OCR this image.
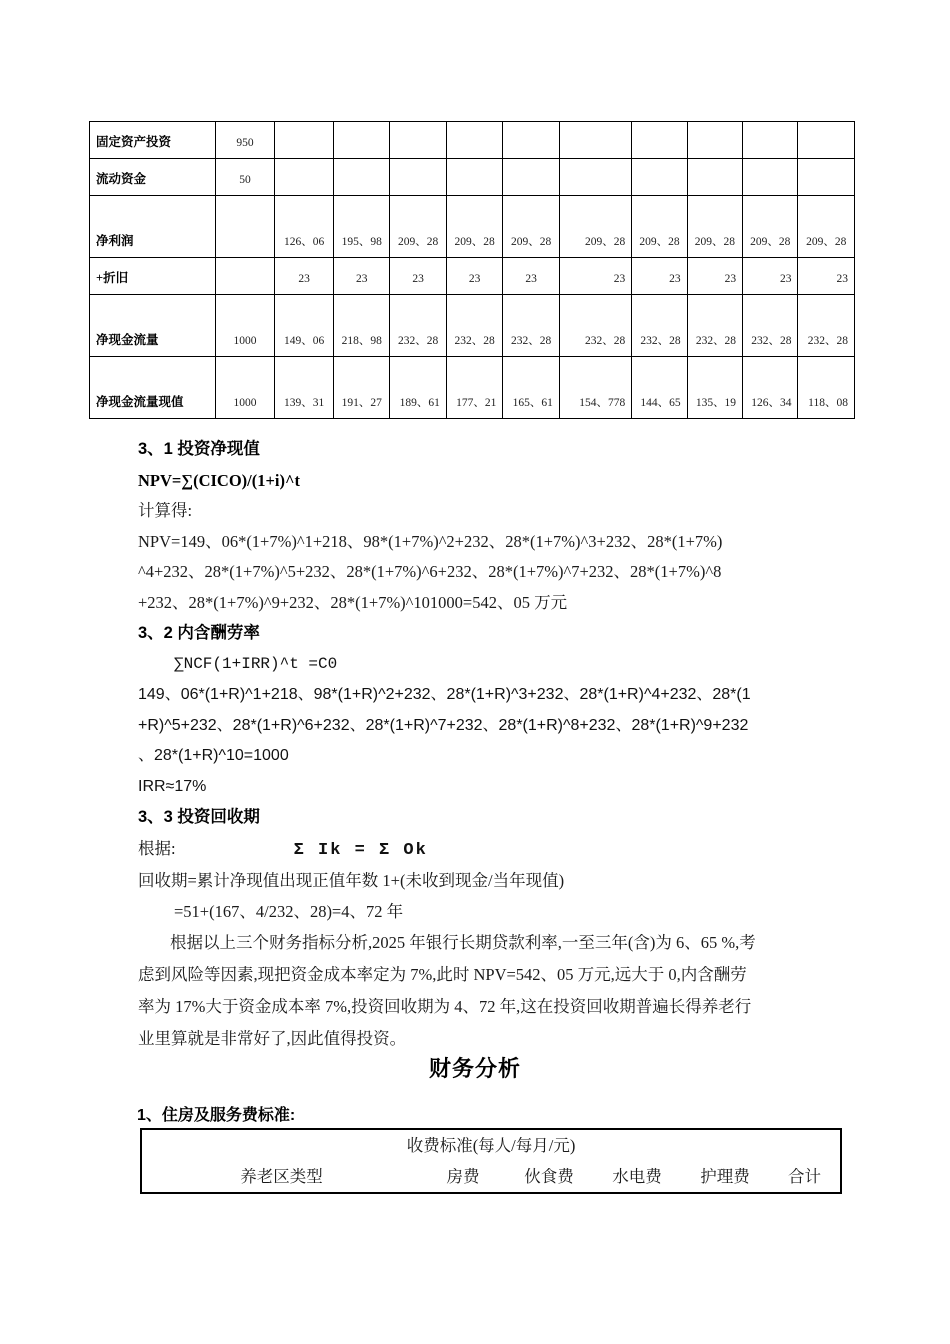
固定资产投资	950										
流动资金	50										
净利润		126、06	195、98	209、28	209、28	209、28	209、28	209、28	209、28	209、28	209、28
+折旧		23	23	23	23	23	23	23	23	23	23
净现金流量	1000	149、06	218、98	232、28	232、28	232、28	232、28	232、28	232、28	232、28	232、28
净现金流量现值	1000	139、31	191、27	189、61	177、21	165、61	154、778	144、65	135、19	126、34	118、08
3、1 投资净现值
NPV=∑(CICO)/(1+i)^t
计算得:
NPV=149、06*(1+7%)^1+218、98*(1+7%)^2+232、28*(1+7%)^3+232、28*(1+7%)
^4+232、28*(1+7%)^5+232、28*(1+7%)^6+232、28*(1+7%)^7+232、28*(1+7%)^8
+232、28*(1+7%)^9+232、28*(1+7%)^101000=542、05 万元
3、2 内含酬劳率
∑NCF(1+IRR)^t =C0
149、06*(1+R)^1+218、98*(1+R)^2+232、28*(1+R)^3+232、28*(1+R)^4+232、28*(1
+R)^5+232、28*(1+R)^6+232、28*(1+R)^7+232、28*(1+R)^8+232、28*(1+R)^9+232
、28*(1+R)^10=1000
IRR≈17%
3、3 投资回收期
根据:	Σ Ik = Σ Ok
回收期=累计净现值出现正值年数 1+(未收到现金/当年现值)
=51+(167、4/232、28)=4、72 年
根据以上三个财务指标分析,2025 年银行长期贷款利率,一至三年(含)为 6、65 %,考
虑到风险等因素,现把资金成本率定为 7%,此时 NPV=542、05 万元,远大于 0,内含酬劳
率为 17%大于资金成本率 7%,投资回收期为 4、72 年,这在投资回收期普遍长得养老行
业里算就是非常好了,因此值得投资。
财务分析
1、住房及服务费标准:
收费标准(每人/每月/元)
养老区类型	房费	伙食费	水电费	护理费	合计
